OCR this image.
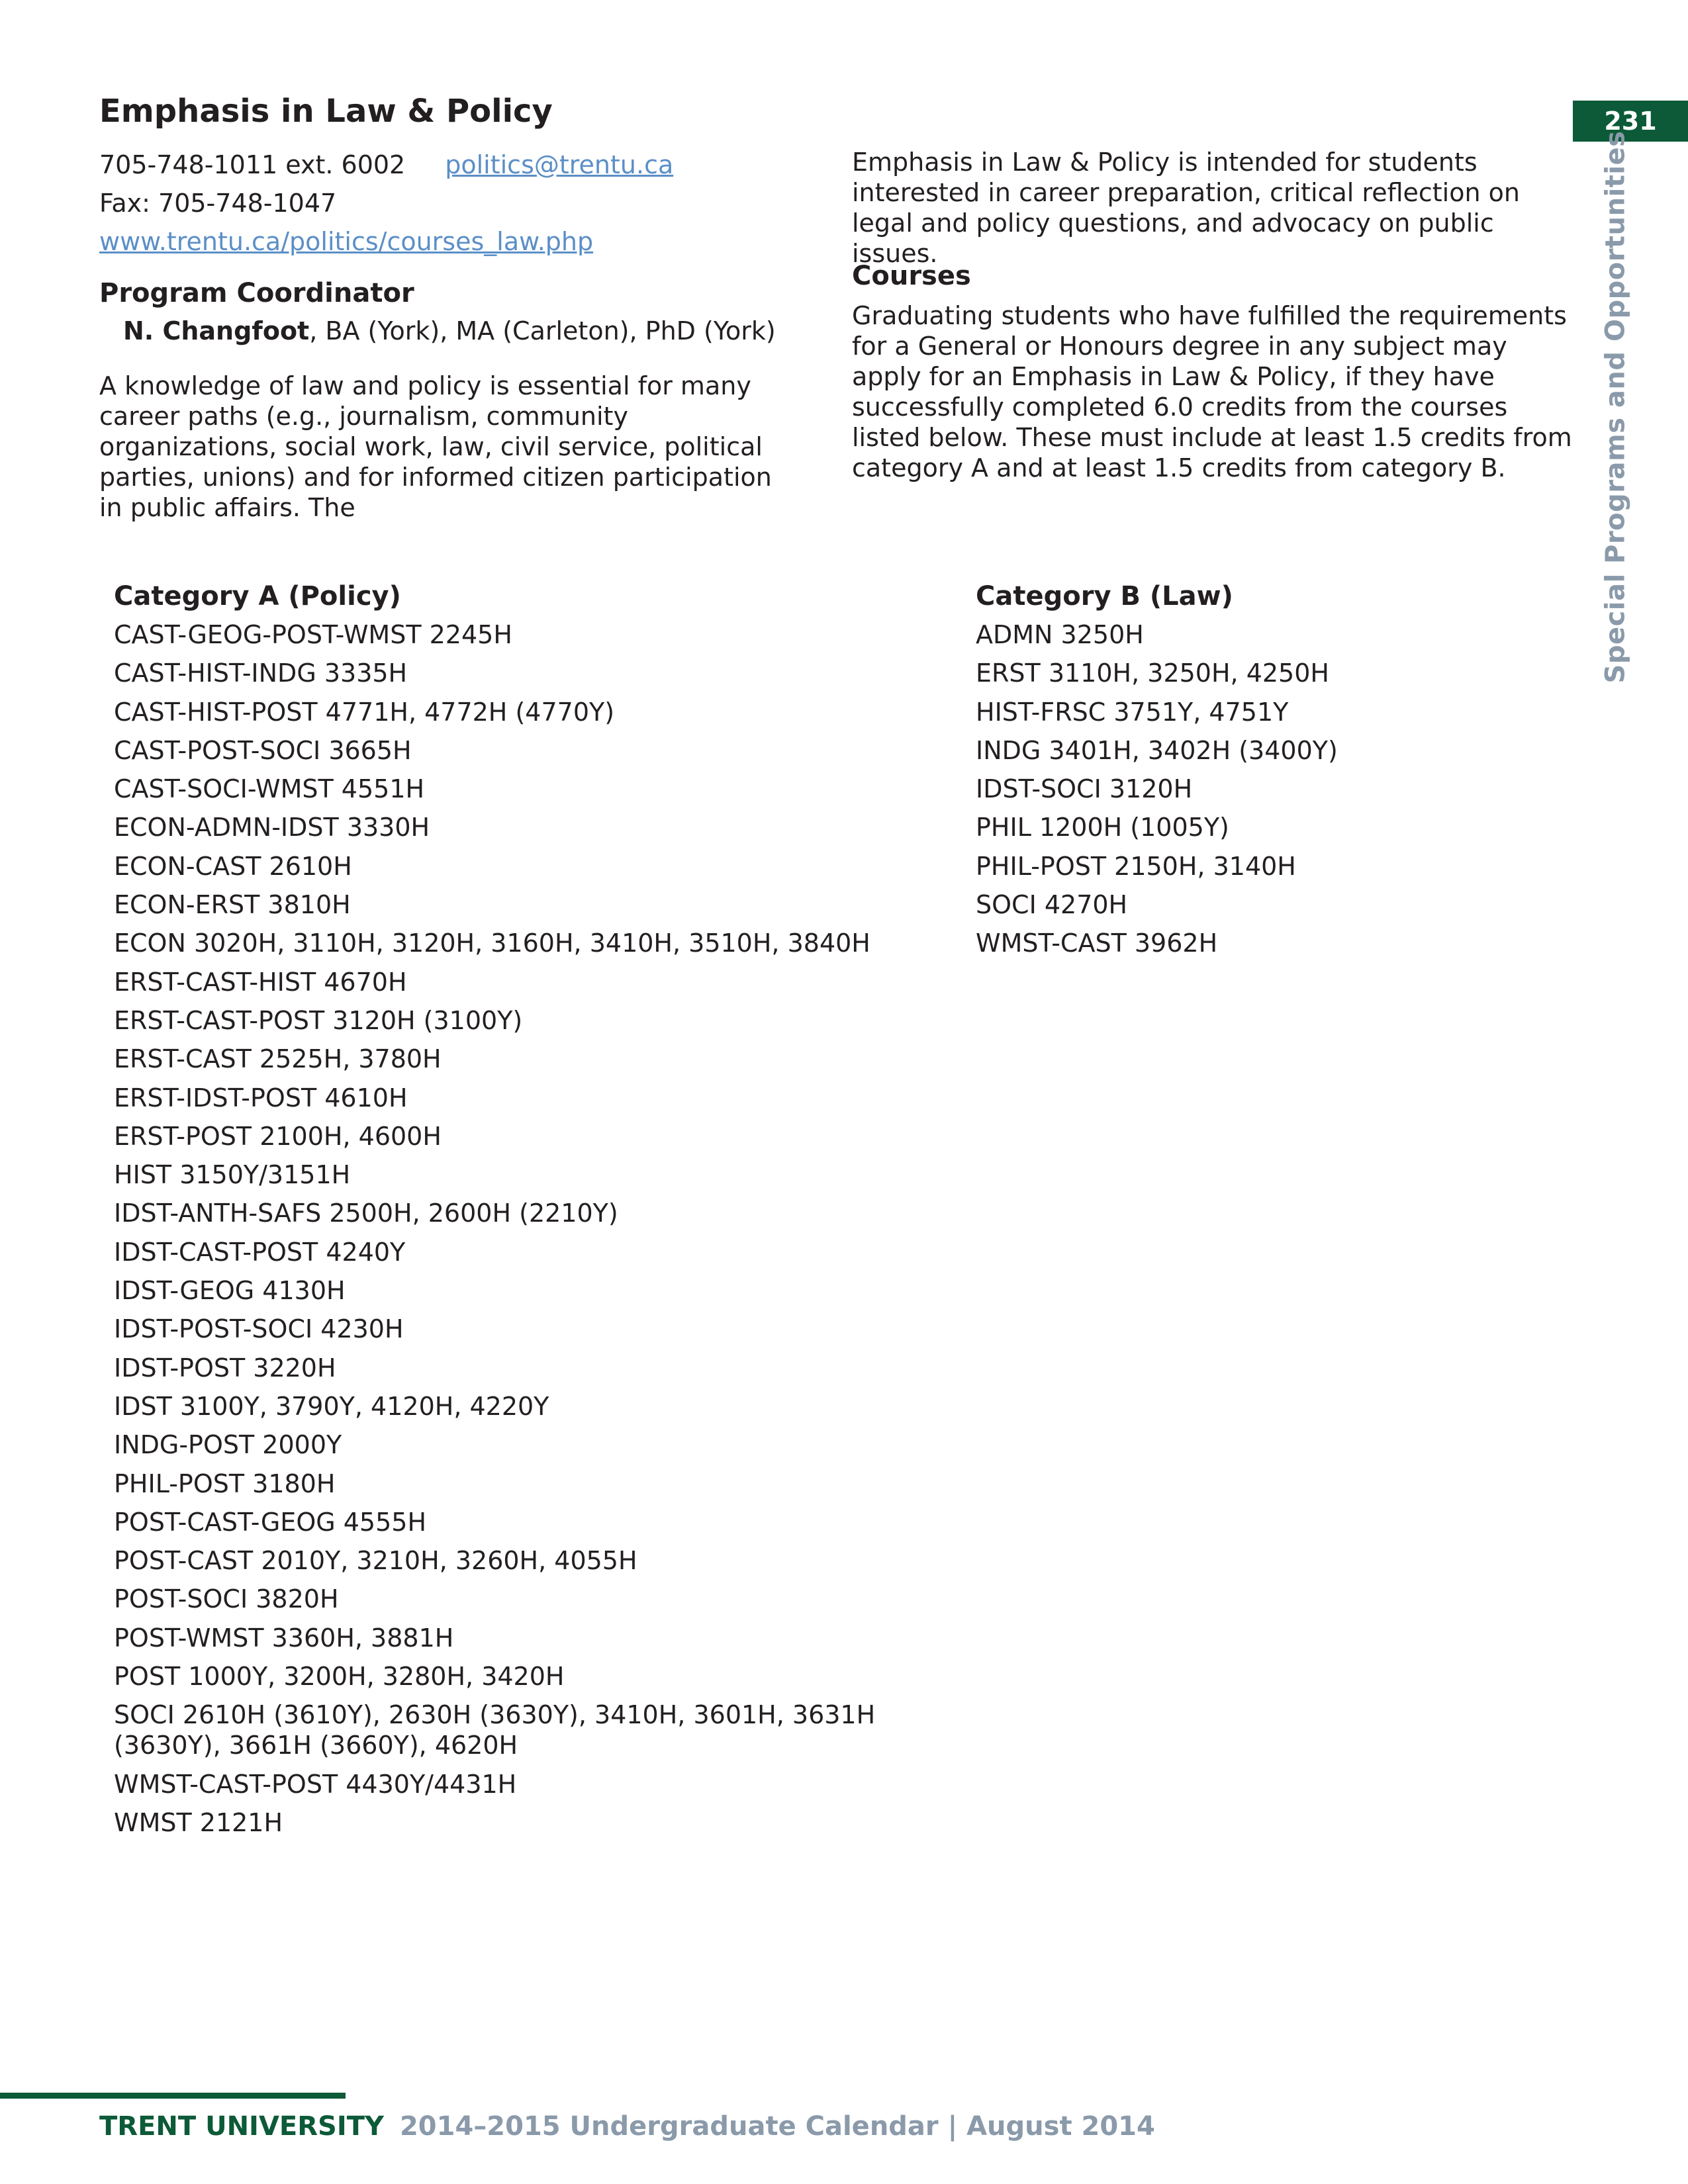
231
Special Programs and Opportunities
Emphasis in Law & Policy
705-748-1011 ext. 6002 politics@trentu.ca
Fax: 705-748-1047
www.trentu.ca/politics/courses_law.php
Program Coordinator
N. Changfoot, BA (York), MA (Carleton), PhD (York)

A knowledge of law and policy is essential for many career paths (e.g., journalism, community organizations, social work, law, civil service, political parties, unions) and for informed citizen participation in public affairs. The

Emphasis in Law & Policy is intended for students interested in career preparation, critical reflection on legal and policy questions, and advocacy on public issues.

Courses

Graduating students who have fulfilled the requirements for a General or Honours degree in any subject may apply for an Emphasis in Law & Policy, if they have successfully completed 6.0 credits from the courses listed below. These must include at least 1.5 credits from category A and at least 1.5 credits from category B.

Category A (Policy)
CAST-GEOG-POST-WMST 2245H
CAST-HIST-INDG 3335H
CAST-HIST-POST 4771H, 4772H (4770Y)
CAST-POST-SOCI 3665H
CAST-SOCI-WMST 4551H
ECON-ADMN-IDST 3330H
ECON-CAST 2610H
ECON-ERST 3810H
ECON 3020H, 3110H, 3120H, 3160H, 3410H, 3510H, 3840H
ERST-CAST-HIST 4670H
ERST-CAST-POST 3120H (3100Y)
ERST-CAST 2525H, 3780H
ERST-IDST-POST 4610H
ERST-POST 2100H, 4600H
HIST 3150Y/3151H
IDST-ANTH-SAFS 2500H, 2600H (2210Y)
IDST-CAST-POST 4240Y
IDST-GEOG 4130H
IDST-POST-SOCI 4230H
IDST-POST 3220H
IDST 3100Y, 3790Y, 4120H, 4220Y
INDG-POST 2000Y
PHIL-POST 3180H
POST-CAST-GEOG 4555H
POST-CAST 2010Y, 3210H, 3260H, 4055H
POST-SOCI 3820H
POST-WMST 3360H, 3881H
POST 1000Y, 3200H, 3280H, 3420H
SOCI 2610H (3610Y), 2630H (3630Y), 3410H, 3601H, 3631H (3630Y), 3661H (3660Y), 4620H
WMST-CAST-POST 4430Y/4431H
WMST 2121H
Category B (Law)
ADMN 3250H
ERST 3110H, 3250H, 4250H
HIST-FRSC 3751Y, 4751Y
INDG 3401H, 3402H (3400Y)
IDST-SOCI 3120H
PHIL 1200H (1005Y)
PHIL-POST 2150H, 3140H
SOCI 4270H
WMST-CAST 3962H
TRENT UNIVERSITY 2014–2015 Undergraduate Calendar | August 2014
